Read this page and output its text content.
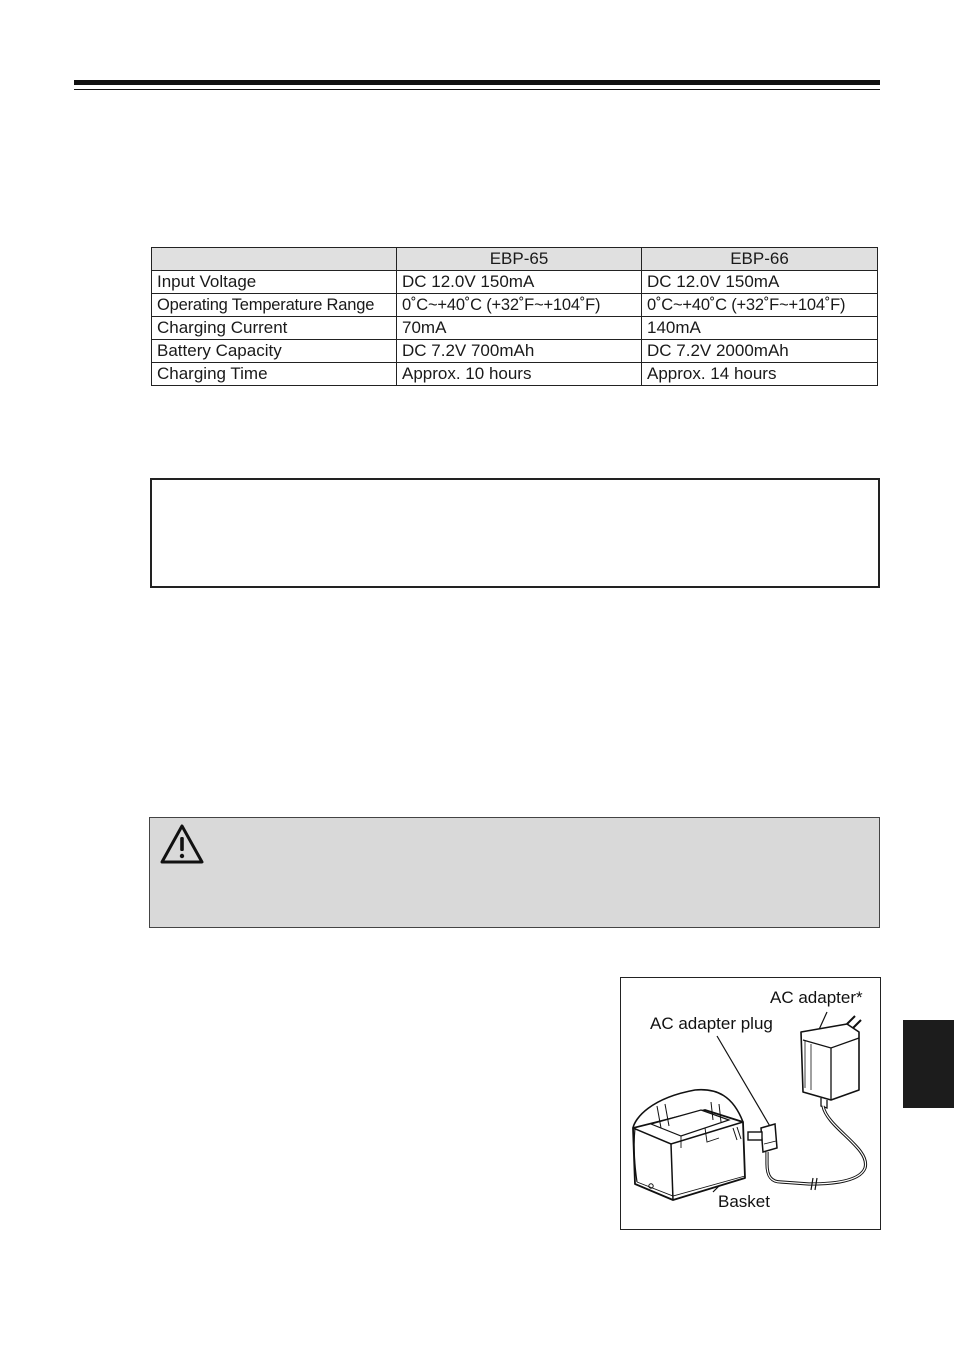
	EBP-65	EBP-66
Input Voltage	DC 12.0V 150mA	DC 12.0V 150mA
Operating Temperature Range	0˚C~+40˚C (+32˚F~+104˚F)	0˚C~+40˚C (+32˚F~+104˚F)
Charging Current	70mA	140mA
Battery Capacity	DC 7.2V 700mAh	DC 7.2V 2000mAh
Charging Time	Approx. 10 hours	Approx. 14 hours
AC adapter*
AC adapter plug
Basket
